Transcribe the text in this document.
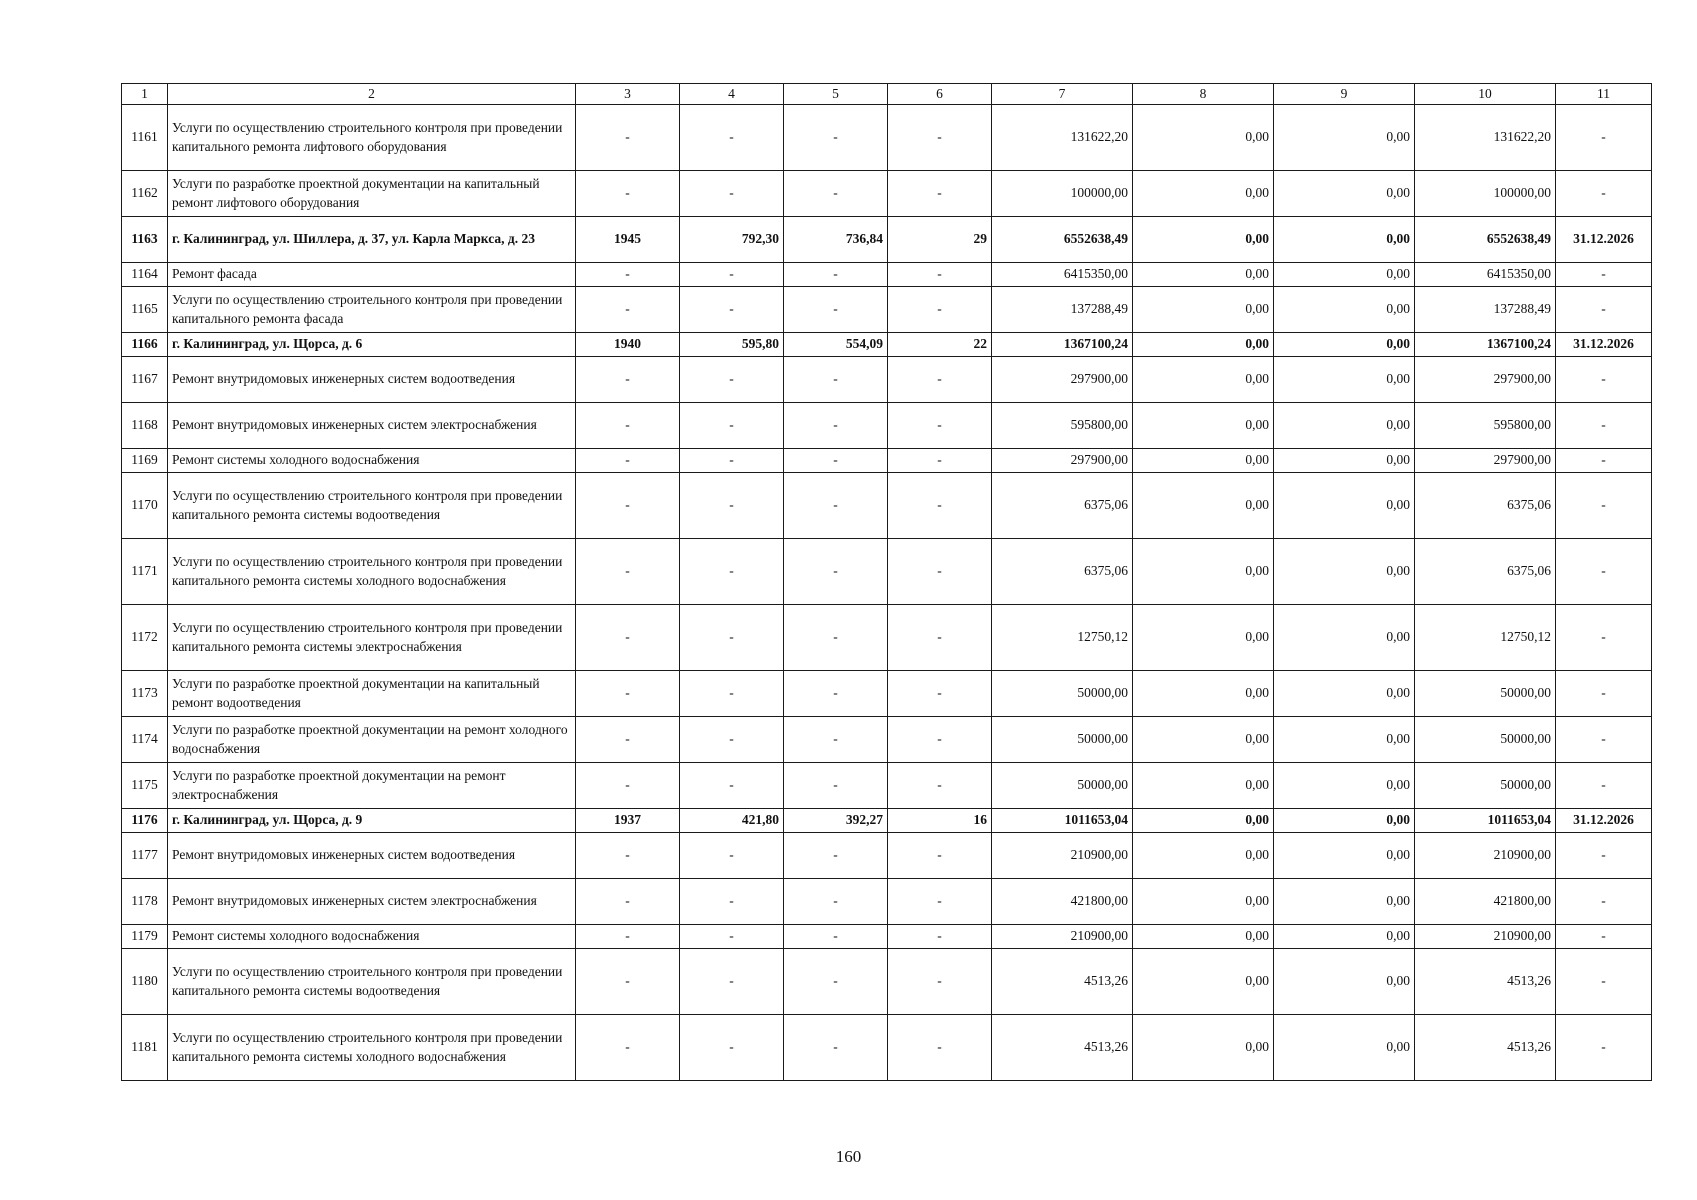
1	2	3	4	5	6	7	8	9	10	11
1161	Услуги по осуществлению строительного контроля при проведении капитального ремонта лифтового оборудования	-	-	-	-	131622,20	0,00	0,00	131622,20	-
1162	Услуги по разработке проектной документации на капитальный ремонт лифтового оборудования	-	-	-	-	100000,00	0,00	0,00	100000,00	-
1163	г. Калининград, ул. Шиллера, д. 37, ул. Карла Маркса, д. 23	1945	792,30	736,84	29	6552638,49	0,00	0,00	6552638,49	31.12.2026
1164	Ремонт фасада	-	-	-	-	6415350,00	0,00	0,00	6415350,00	-
1165	Услуги по осуществлению строительного контроля при проведении капитального ремонта фасада	-	-	-	-	137288,49	0,00	0,00	137288,49	-
1166	г. Калининград, ул. Щорса, д. 6	1940	595,80	554,09	22	1367100,24	0,00	0,00	1367100,24	31.12.2026
1167	Ремонт внутридомовых инженерных систем водоотведения	-	-	-	-	297900,00	0,00	0,00	297900,00	-
1168	Ремонт внутридомовых инженерных систем электроснабжения	-	-	-	-	595800,00	0,00	0,00	595800,00	-
1169	Ремонт системы холодного водоснабжения	-	-	-	-	297900,00	0,00	0,00	297900,00	-
1170	Услуги по осуществлению строительного контроля при проведении капитального ремонта системы водоотведения	-	-	-	-	6375,06	0,00	0,00	6375,06	-
1171	Услуги по осуществлению строительного контроля при проведении капитального ремонта системы холодного водоснабжения	-	-	-	-	6375,06	0,00	0,00	6375,06	-
1172	Услуги по осуществлению строительного контроля при проведении капитального ремонта системы электроснабжения	-	-	-	-	12750,12	0,00	0,00	12750,12	-
1173	Услуги по разработке проектной документации на капитальный ремонт водоотведения	-	-	-	-	50000,00	0,00	0,00	50000,00	-
1174	Услуги по разработке проектной документации на ремонт холодного водоснабжения	-	-	-	-	50000,00	0,00	0,00	50000,00	-
1175	Услуги по разработке проектной документации на ремонт электроснабжения	-	-	-	-	50000,00	0,00	0,00	50000,00	-
1176	г. Калининград, ул. Щорса, д. 9	1937	421,80	392,27	16	1011653,04	0,00	0,00	1011653,04	31.12.2026
1177	Ремонт внутридомовых инженерных систем водоотведения	-	-	-	-	210900,00	0,00	0,00	210900,00	-
1178	Ремонт внутридомовых инженерных систем электроснабжения	-	-	-	-	421800,00	0,00	0,00	421800,00	-
1179	Ремонт системы холодного водоснабжения	-	-	-	-	210900,00	0,00	0,00	210900,00	-
1180	Услуги по осуществлению строительного контроля при проведении капитального ремонта системы водоотведения	-	-	-	-	4513,26	0,00	0,00	4513,26	-
1181	Услуги по осуществлению строительного контроля при проведении капитального ремонта системы холодного водоснабжения	-	-	-	-	4513,26	0,00	0,00	4513,26	-
160
